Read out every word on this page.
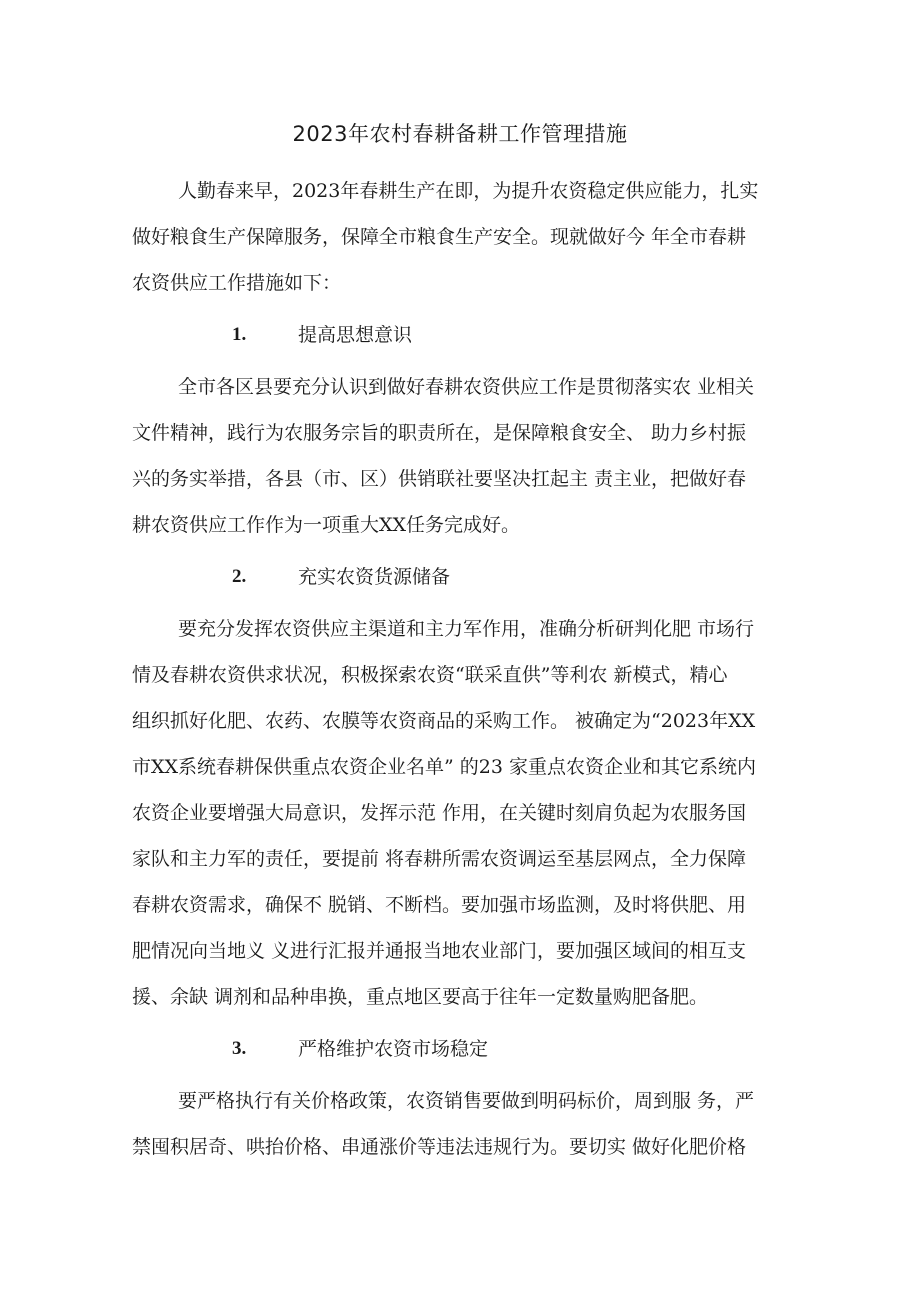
2023年农村春耕备耕工作管理措施
人勤春来早，2023年春耕生产在即，为提升农资稳定供应能力，扎实
做好粮食生产保障服务，保障全市粮食生产安全。现就做好今 年全市春耕
农资供应工作措施如下：
1.	提高思想意识
全市各区县要充分认识到做好春耕农资供应工作是贯彻落实农 业相关
文件精神，践行为农服务宗旨的职责所在，是保障粮食安全、 助力乡村振
兴的务实举措，各县（市、区）供销联社要坚决扛起主 责主业，把做好春
耕农资供应工作作为一项重大XX任务完成好。
2.	充实农资货源储备
要充分发挥农资供应主渠道和主力军作用，准确分析研判化肥 市场行
情及春耕农资供求状况，积极探索农资“联采直供”等利农 新模式，精心
组织抓好化肥、农药、农膜等农资商品的采购工作。 被确定为“2023年XX
市XX系统春耕保供重点农资企业名单” 的23 家重点农资企业和其它系统内
农资企业要增强大局意识，发挥示范 作用，在关键时刻肩负起为农服务国
家队和主力军的责任，要提前 将春耕所需农资调运至基层网点，全力保障
春耕农资需求，确保不 脱销、不断档。要加强市场监测，及时将供肥、用
肥情况向当地义 义进行汇报并通报当地农业部门，要加强区域间的相互支
援、余缺 调剂和品种串换，重点地区要高于往年一定数量购肥备肥。
3.	严格维护农资市场稳定
要严格执行有关价格政策，农资销售要做到明码标价，周到服 务，严
禁囤积居奇、哄抬价格、串通涨价等违法违规行为。要切实 做好化肥价格
